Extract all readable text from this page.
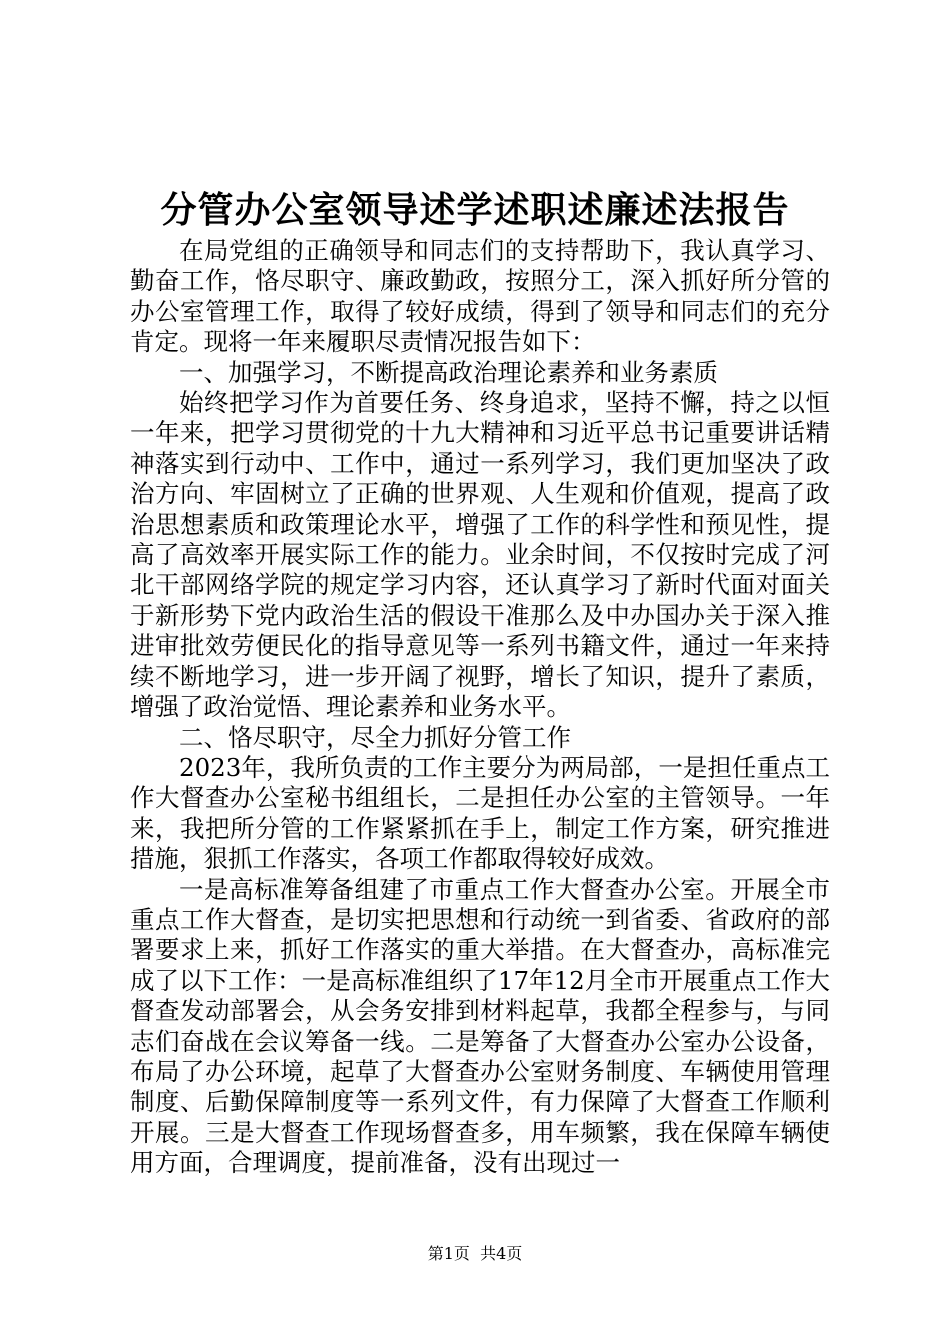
分管办公室领导述学述职述廉述法报告

在局党组的正确领导和同志们的支持帮助下，我认真学习、勤奋工作，恪尽职守、廉政勤政，按照分工，深入抓好所分管的办公室管理工作，取得了较好成绩，得到了领导和同志们的充分肯定。现将一年来履职尽责情况报告如下：

一、加强学习，不断提高政治理论素养和业务素质

始终把学习作为首要任务、终身追求，坚持不懈，持之以恒一年来，把学习贯彻党的十九大精神和习近平总书记重要讲话精神落实到行动中、工作中，通过一系列学习，我们更加坚决了政治方向、牢固树立了正确的世界观、人生观和价值观，提高了政治思想素质和政策理论水平，增强了工作的科学性和预见性，提高了高效率开展实际工作的能力。业余时间，不仅按时完成了河北干部网络学院的规定学习内容，还认真学习了新时代面对面关于新形势下党内政治生活的假设干准那么及中办国办关于深入推进审批效劳便民化的指导意见等一系列书籍文件，通过一年来持续不断地学习，进一步开阔了视野，增长了知识，提升了素质，增强了政治觉悟、理论素养和业务水平。

二、恪尽职守，尽全力抓好分管工作

2023年，我所负责的工作主要分为两局部，一是担任重点工作大督查办公室秘书组组长，二是担任办公室的主管领导。一年来，我把所分管的工作紧紧抓在手上，制定工作方案，研究推进措施，狠抓工作落实，各项工作都取得较好成效。

一是高标准筹备组建了市重点工作大督查办公室。开展全市重点工作大督查，是切实把思想和行动统一到省委、省政府的部署要求上来，抓好工作落实的重大举措。在大督查办，高标准完成了以下工作：一是高标准组织了17年12月全市开展重点工作大督查发动部署会，从会务安排到材料起草，我都全程参与，与同志们奋战在会议筹备一线。二是筹备了大督查办公室办公设备，布局了办公环境，起草了大督查办公室财务制度、车辆使用管理制度、后勤保障制度等一系列文件，有力保障了大督查工作顺利开展。三是大督查工作现场督查多，用车频繁，我在保障车辆使用方面，合理调度，提前准备，没有出现过一

第1页 共4页
